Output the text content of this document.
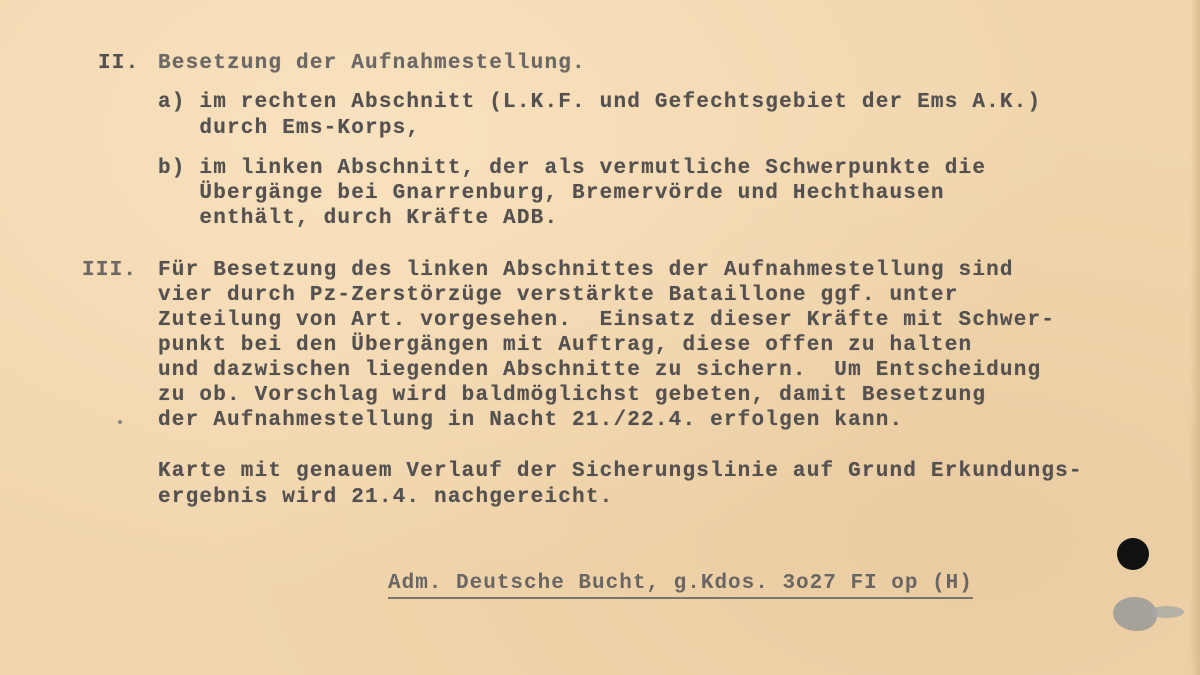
II. Besetzung der Aufnahmestellung.
a) im rechten Abschnitt (L.K.F. und Gefechtsgebiet der Ems A.K.)
durch Ems-Korps,
b) im linken Abschnitt, der als vermutliche Schwerpunkte die
Übergänge bei Gnarrenburg, Bremervörde und Hechthausen
enthält, durch Kräfte ADB.
III. Für Besetzung des linken Abschnittes der Aufnahmestellung sind
vier durch Pz-Zerstörzüge verstärkte Bataillone ggf. unter
Zuteilung von Art. vorgesehen.  Einsatz dieser Kräfte mit Schwer-
punkt bei den Übergängen mit Auftrag, diese offen zu halten
und dazwischen liegenden Abschnitte zu sichern.  Um Entscheidung
zu ob. Vorschlag wird baldmöglichst gebeten, damit Besetzung
der Aufnahmestellung in Nacht 21./22.4. erfolgen kann.
Karte mit genauem Verlauf der Sicherungslinie auf Grund Erkundungs-
ergebnis wird 21.4. nachgereicht.
Adm. Deutsche Bucht, g.Kdos. 3o27 FI op (H)
